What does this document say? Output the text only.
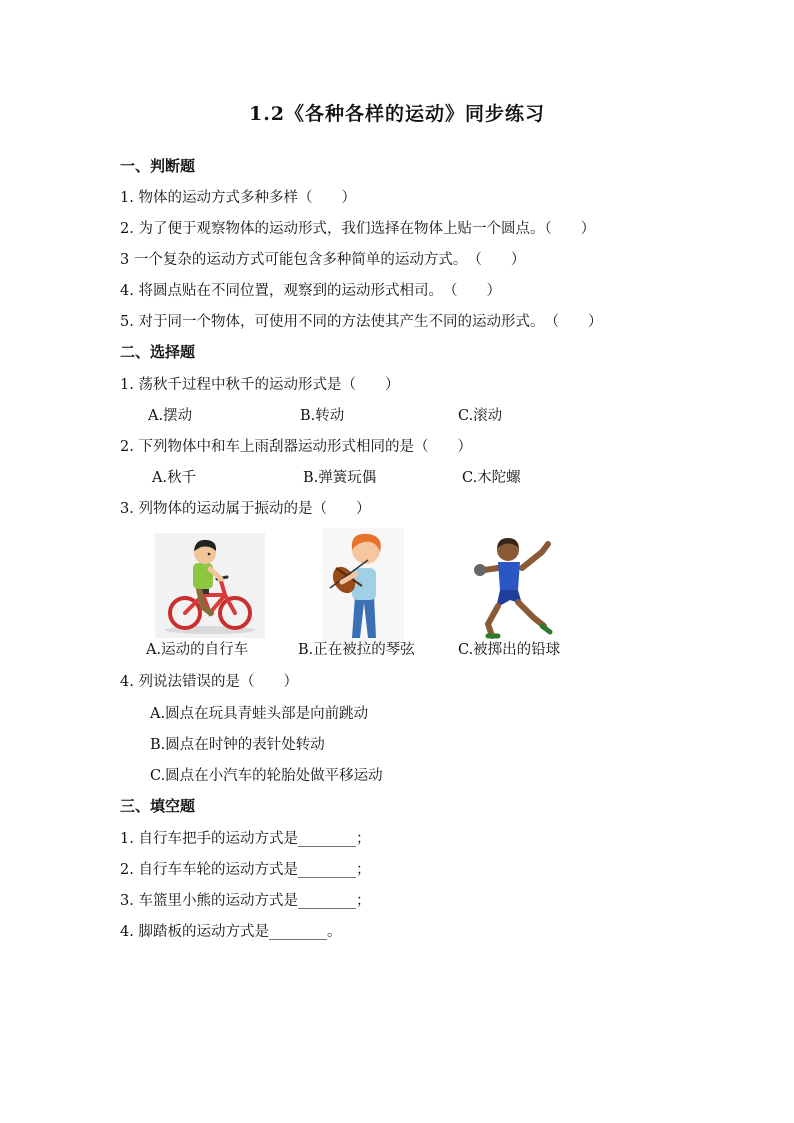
1.2《各种各样的运动》同步练习
一、判断题
1. 物体的运动方式多种多样（　　）
2. 为了便于观察物体的运动形式，我们选择在物体上贴一个圆点。（　　）
3 一个复杂的运动方式可能包含多种简单的运动方式。　（　　）
4. 将圆点贴在不同位置，观察到的运动形式相司。　（　　）
5. 对于同一个物体，可使用不同的方法使其产生不同的运动形式。　（　　）
二、选择题
1. 荡秋千过程中秋千的运动形式是（　　）
A.摆动	B.转动	C.滚动
2. 下列物体中和车上雨刮器运动形式相同的是（　　）
A.秋千	B.弹簧玩偶	C.木陀螺
3. 列物体的运动属于振动的是（　　）
A.运动的自行车	B.正在被拉的琴弦	C.被掷出的铅球
4. 列说法错误的是（　　）
A.圆点在玩具青蛙头部是向前跳动
B.圆点在时钟的表针处转动
C.圆点在小汽车的轮胎处做平移运动
三、填空题
1. 自行车把手的运动方式是________；
2. 自行车车轮的运动方式是________；
3. 车篮里小熊的运动方式是________；
4. 脚踏板的运动方式是________。
